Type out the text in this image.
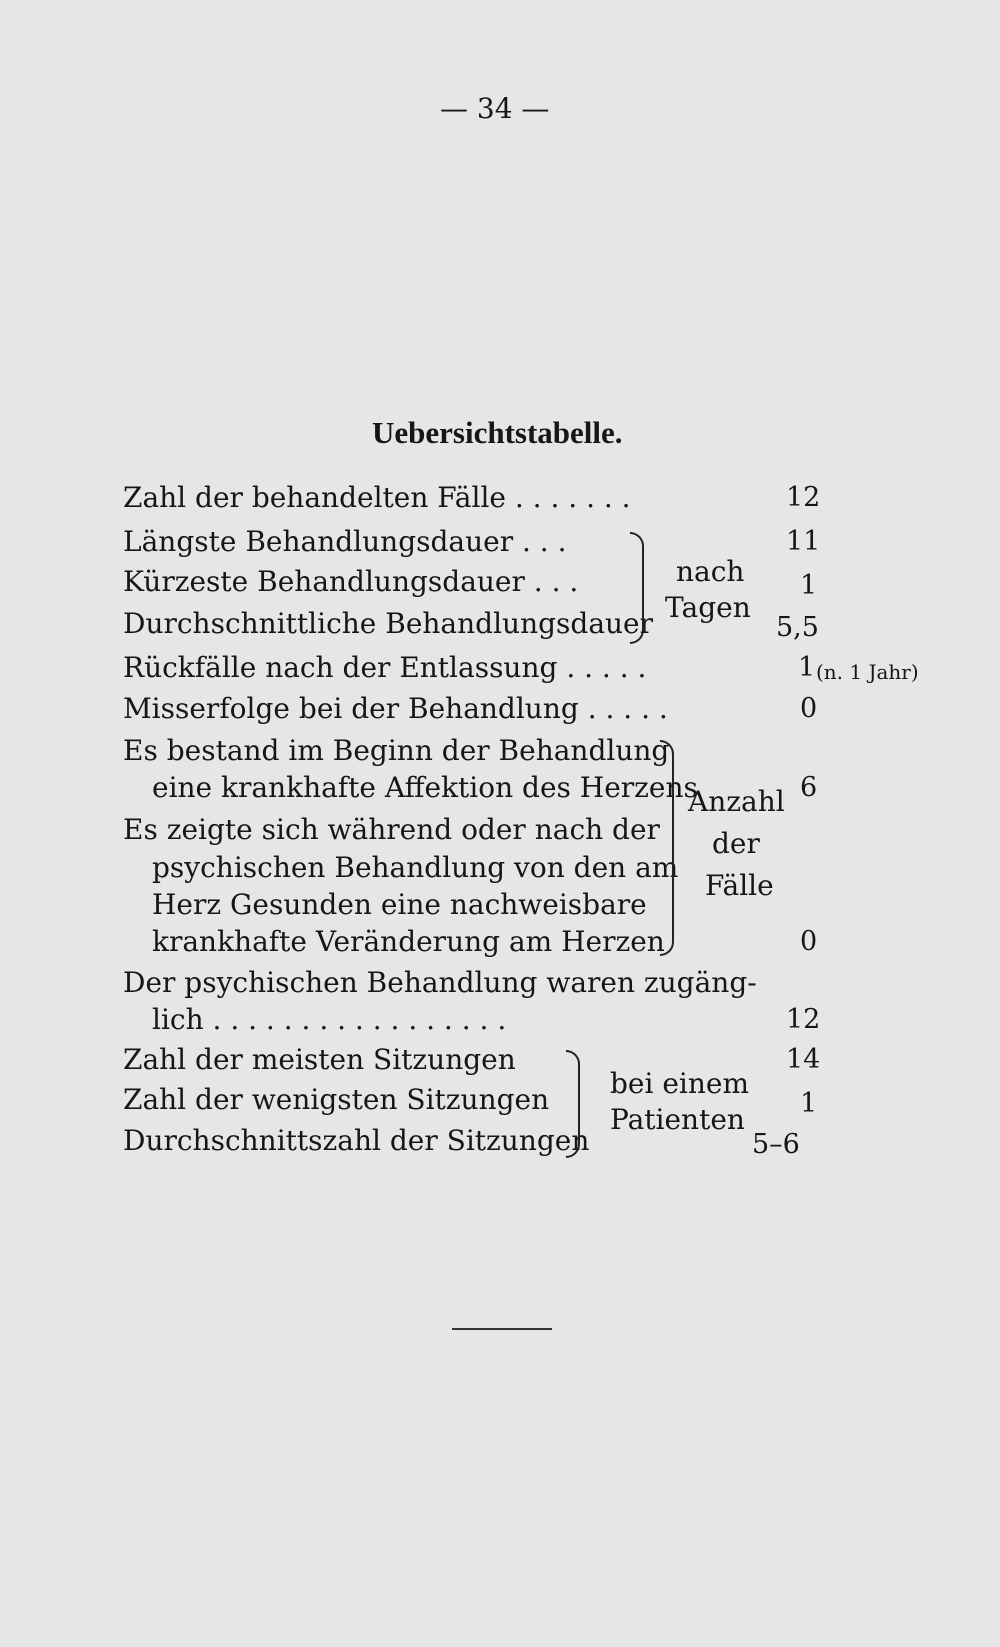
— 34 —
Uebersichtstabelle.
Zahl der behandelten Fälle . . . . . . .	12
Längste Behandlungsdauer . . .	11
Kürzeste Behandlungsdauer . . .	1
Durchschnittliche Behandlungsdauer	5,5
nach
Tagen
Rückfälle nach der Entlassung . . . . .	1 (n. 1 Jahr)
Misserfolge bei der Behandlung . . . . .	0
Es bestand im Beginn der Behandlung
eine krankhafte Affektion des Herzens	6
Es zeigte sich während oder nach der
psychischen Behandlung von den am
Herz Gesunden eine nachweisbare
krankhafte Veränderung am Herzen	0
Anzahl
der
Fälle
Der psychischen Behandlung waren zugäng-
lich . . . . . . . . . . . . . . . . .	12
Zahl der meisten Sitzungen	14
Zahl der wenigsten Sitzungen	1
Durchschnittszahl der Sitzungen	5–6
bei einem
Patienten
